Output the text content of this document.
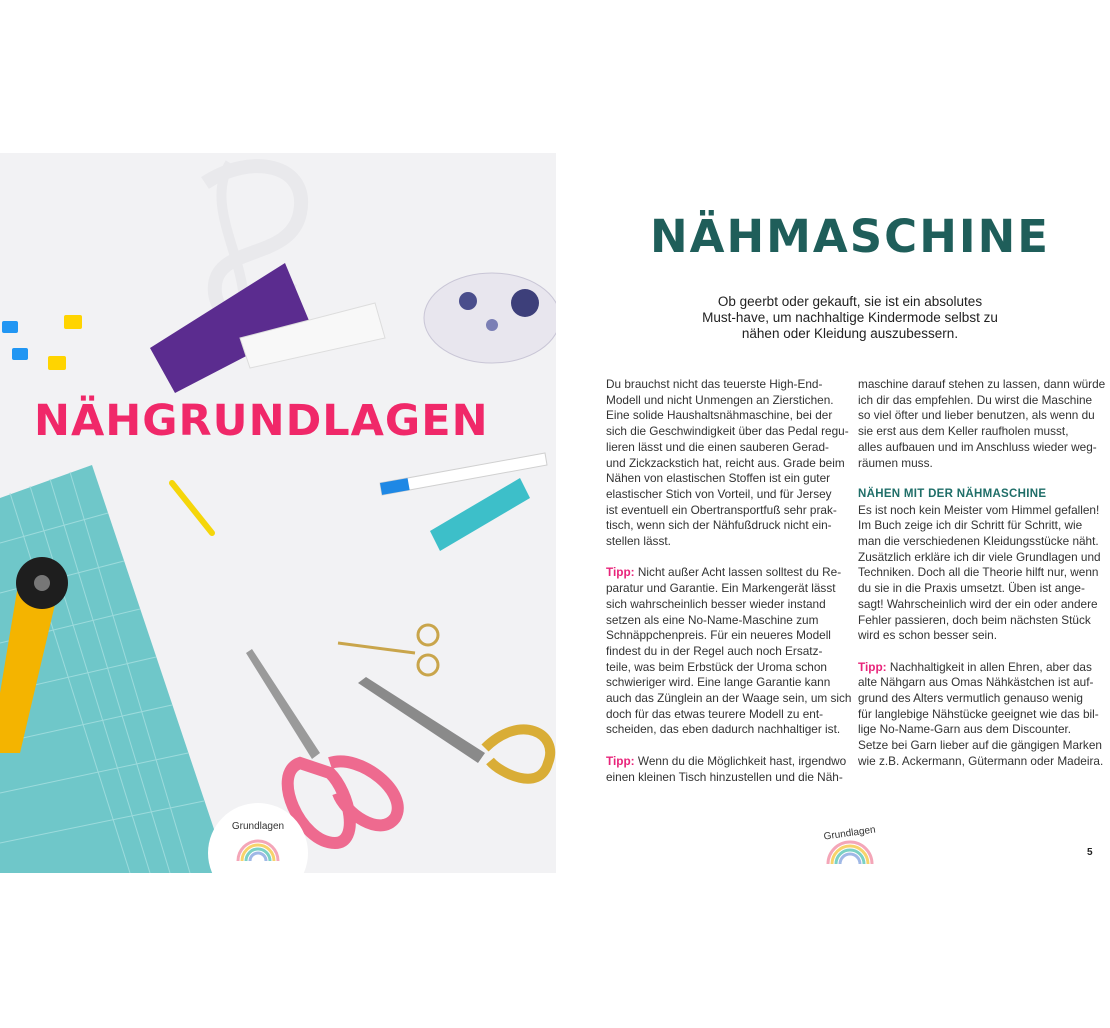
NÄHGRUNDLAGEN
Grundlagen
NÄHMASCHINE

Ob geerbt oder gekauft, sie ist ein absolutes
Must-have, um nachhaltige Kindermode selbst zu
nähen oder Kleidung auszubessern.

Du brauchst nicht das teuerste High-End-
Modell und nicht Unmengen an Zierstichen.
Eine solide Haushaltsnähmaschine, bei der
sich die Geschwindigkeit über das Pedal regu-
lieren lässt und die einen sauberen Gerad-
und Zickzackstich hat, reicht aus. Grade beim
Nähen von elastischen Stoffen ist ein guter
elastischer Stich von Vorteil, und für Jersey
ist eventuell ein Obertransportfuß sehr prak-
tisch, wenn sich der Nähfußdruck nicht ein-
stellen lässt.

Tipp: Nicht außer Acht lassen solltest du Re-
paratur und Garantie. Ein Markengerät lässt
sich wahrscheinlich besser wieder instand
setzen als eine No-Name-Maschine zum
Schnäppchenpreis. Für ein neueres Modell
findest du in der Regel auch noch Ersatz-
teile, was beim Erbstück der Uroma schon
schwieriger wird. Eine lange Garantie kann
auch das Zünglein an der Waage sein, um sich
doch für das etwas teurere Modell zu ent-
scheiden, das eben dadurch nachhaltiger ist.

Tipp: Wenn du die Möglichkeit hast, irgendwo
einen kleinen Tisch hinzustellen und die Näh-

maschine darauf stehen zu lassen, dann würde
ich dir das empfehlen. Du wirst die Maschine
so viel öfter und lieber benutzen, als wenn du
sie erst aus dem Keller raufholen musst,
alles aufbauen und im Anschluss wieder weg-
räumen muss.

NÄHEN MIT DER NÄHMASCHINE
Es ist noch kein Meister vom Himmel gefallen!
Im Buch zeige ich dir Schritt für Schritt, wie
man die verschiedenen Kleidungsstücke näht.
Zusätzlich erkläre ich dir viele Grundlagen und
Techniken. Doch all die Theorie hilft nur, wenn
du sie in die Praxis umsetzt. Üben ist ange-
sagt! Wahrscheinlich wird der ein oder andere
Fehler passieren, doch beim nächsten Stück
wird es schon besser sein.

Tipp: Nachhaltigkeit in allen Ehren, aber das
alte Nähgarn aus Omas Nähkästchen ist auf-
grund des Alters vermutlich genauso wenig
für langlebige Nähstücke geeignet wie das bil-
lige No-Name-Garn aus dem Discounter.
Setze bei Garn lieber auf die gängigen Marken
wie z.B. Ackermann, Gütermann oder Madeira.

Grundlagen
5
